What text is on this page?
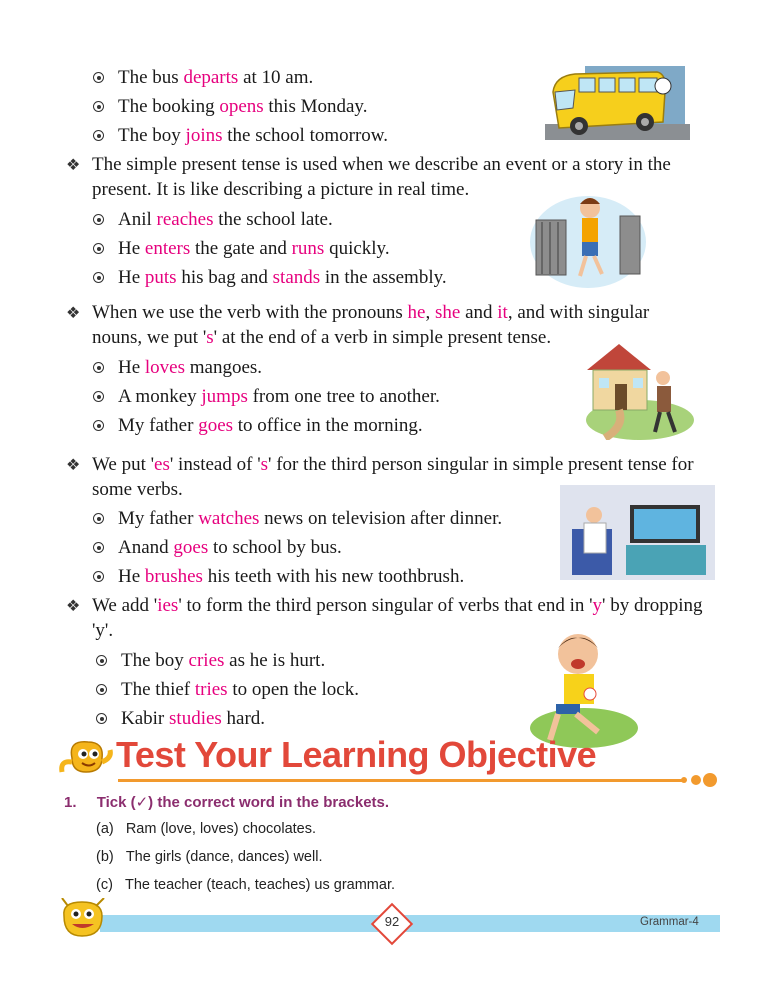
The bus departs at 10 am.
The booking opens this Monday.
The boy joins the school tomorrow.
❖ The simple present tense is used when we describe an event or a story in the
present. It is like describing a picture in real time.
Anil reaches the school late.
He enters the gate and runs quickly.
He puts his bag and stands in the assembly.
❖ When we use the verb with the pronouns he, she and it, and with singular
nouns, we put 's' at the end of a verb in simple present tense.
He loves mangoes.
A monkey jumps from one tree to another.
My father goes to office in the morning.
❖ We put 'es' instead of 's' for the third person singular in simple present tense for
some verbs.
My father watches news on television after dinner.
Anand goes to school by bus.
He brushes his teeth with his new toothbrush.
❖ We add 'ies' to form the third person singular of verbs that end in 'y' by dropping
'y'.
The boy cries as he is hurt.
The thief tries to open the lock.
Kabir studies hard.
Test Your Learning Objective
1. Tick (✓) the correct word in the brackets.
(a) Ram (love, loves) chocolates.
(b) The girls (dance, dances) well.
(c) The teacher (teach, teaches) us grammar.
92	Grammar-4
